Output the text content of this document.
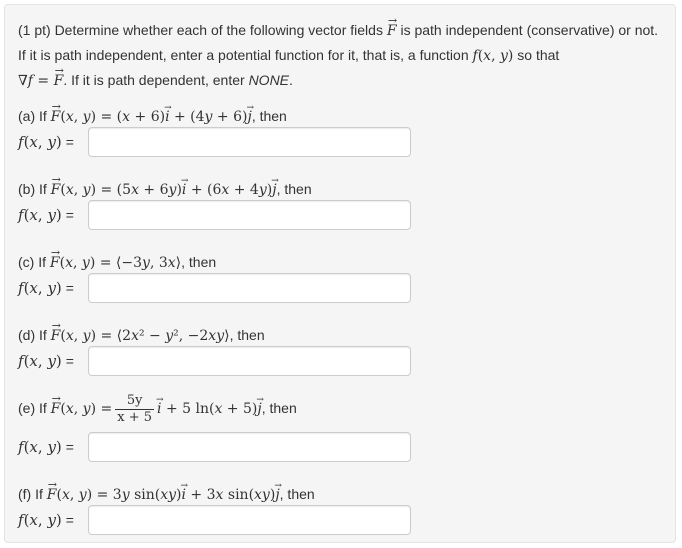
(1 pt) Determine whether each of the following vector fields → F is path independent (conservative) or not. If it is path independent, enter a potential function for it, that is, a function f(x, y) so that
∇f = → F. If it is path dependent, enter NONE.
(a) If → F(x, y) = (x + 6)→ i + (4y + 6)→ j, then
f(x, y) =
(b) If → F(x, y) = (5x + 6y)→ i + (6x + 4y)→ j, then
f(x, y) =
(c) If → F(x, y) = ⟨−3y, 3x⟩, then
f(x, y) =
(d) If → F(x, y) = ⟨2x² − y², −2xy⟩, then
f(x, y) =
(e) If → F(x, $y) = \frac{5y}{x + 5}$
→ i + 5 ln(x + 5)→ j, then
f(x, y) =
(f) If → F(x, y) = 3y sin(xy)→ i + 3x sin(xy)→ j, then
f(x, y) =
